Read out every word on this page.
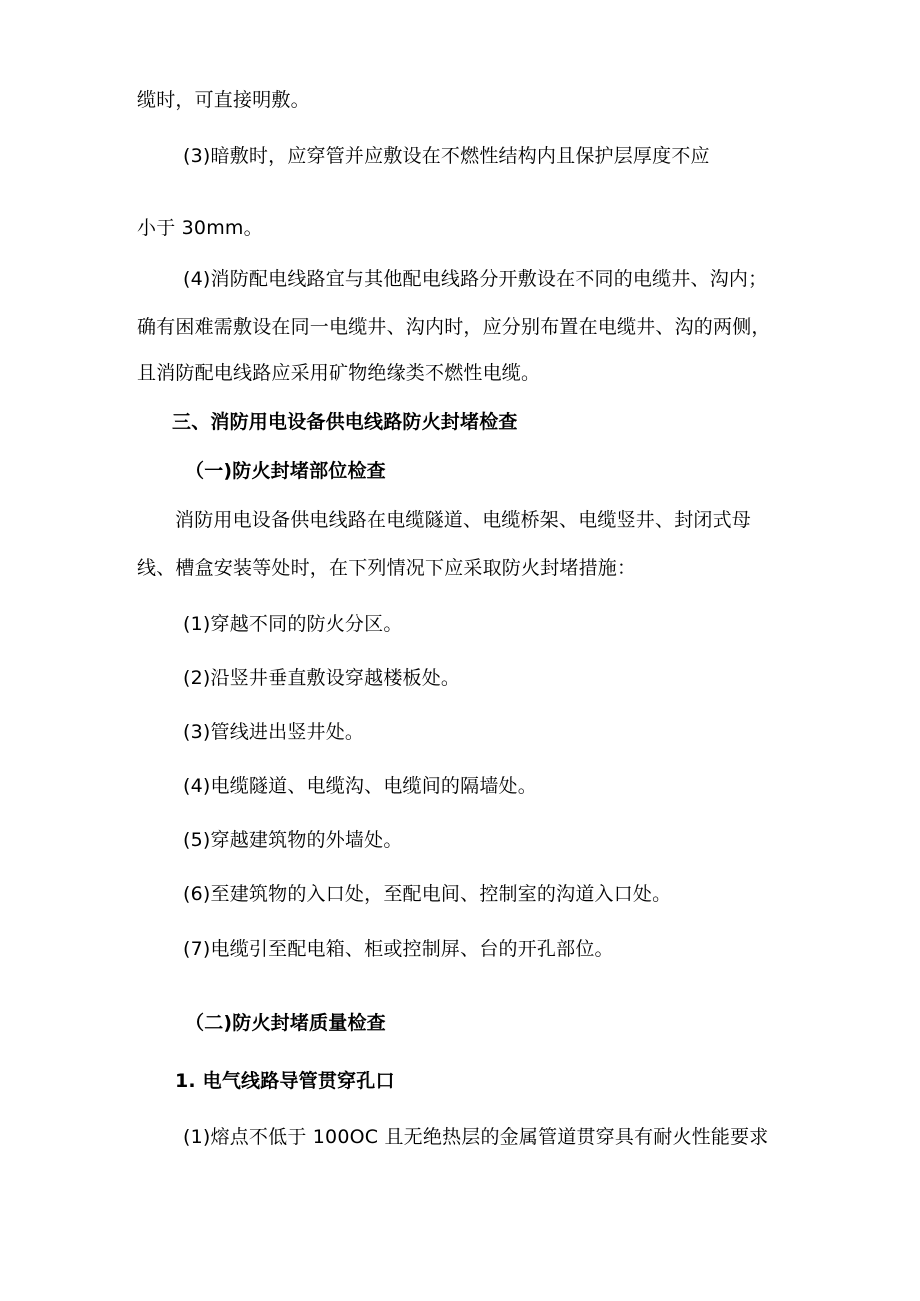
缆时，可直接明敷。
(3)暗敷时，应穿管并应敷设在不燃性结构内且保护层厚度不应
小于 30mm。
(4)消防配电线路宜与其他配电线路分开敷设在不同的电缆井、沟内；
确有困难需敷设在同一电缆井、沟内时，应分别布置在电缆井、沟的两侧，
且消防配电线路应采用矿物绝缘类不燃性电缆。
三、消防用电设备供电线路防火封堵检查
（一)防火封堵部位检查
消防用电设备供电线路在电缆隧道、电缆桥架、电缆竖井、封闭式母
线、槽盒安装等处时，在下列情况下应采取防火封堵措施：
(1)穿越不同的防火分区。
(2)沿竖井垂直敷设穿越楼板处。
(3)管线进出竖井处。
(4)电缆隧道、电缆沟、电缆间的隔墙处。
(5)穿越建筑物的外墙处。
(6)至建筑物的入口处，至配电间、控制室的沟道入口处。
(7)电缆引至配电箱、柜或控制屏、台的开孔部位。
（二)防火封堵质量检查
1. 电气线路导管贯穿孔口
(1)熔点不低于 100OC 且无绝热层的金属管道贯穿具有耐火性能要求
